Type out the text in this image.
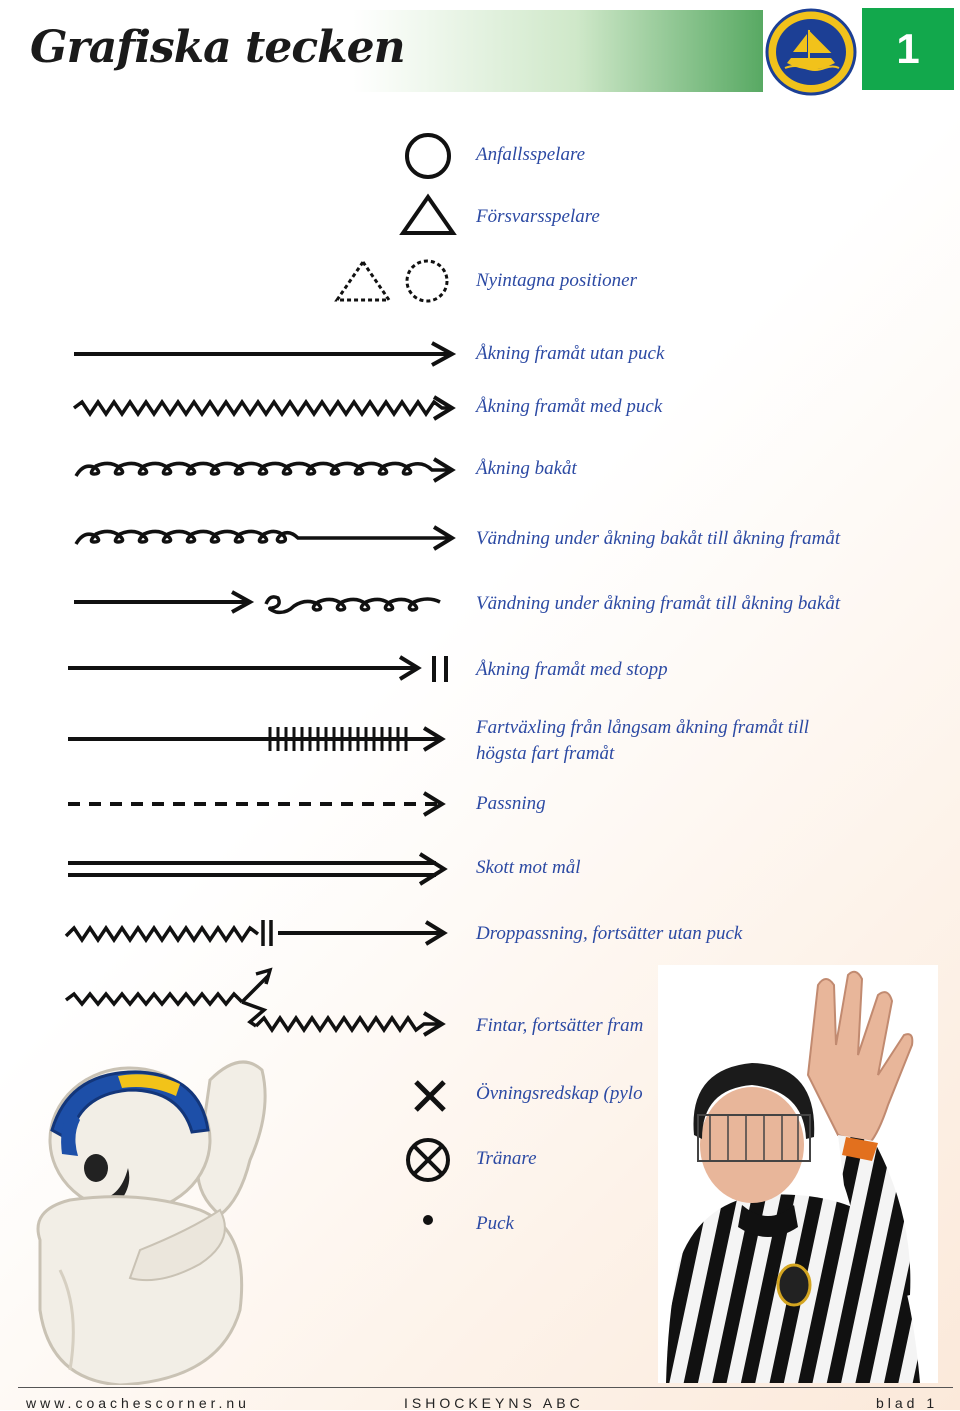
Grafiska tecken	1
Anfallsspelare
Försvarsspelare
Nyintagna positioner
Åkning framåt utan puck
Åkning framåt med puck
Åkning bakåt
Vändning under åkning bakåt till åkning framåt
Vändning under åkning framåt till åkning bakåt
Åkning framåt med stopp
Fartväxling från långsam åkning framåt till
högsta fart framåt
Passning
Skott mot mål
Droppassning, fortsätter utan puck
Fintar, fortsätter fram
Övningsredskap (pylo
Tränare
Puck
www.coachescorner.nu	ISHOCKEYNS ABC	blad 1
